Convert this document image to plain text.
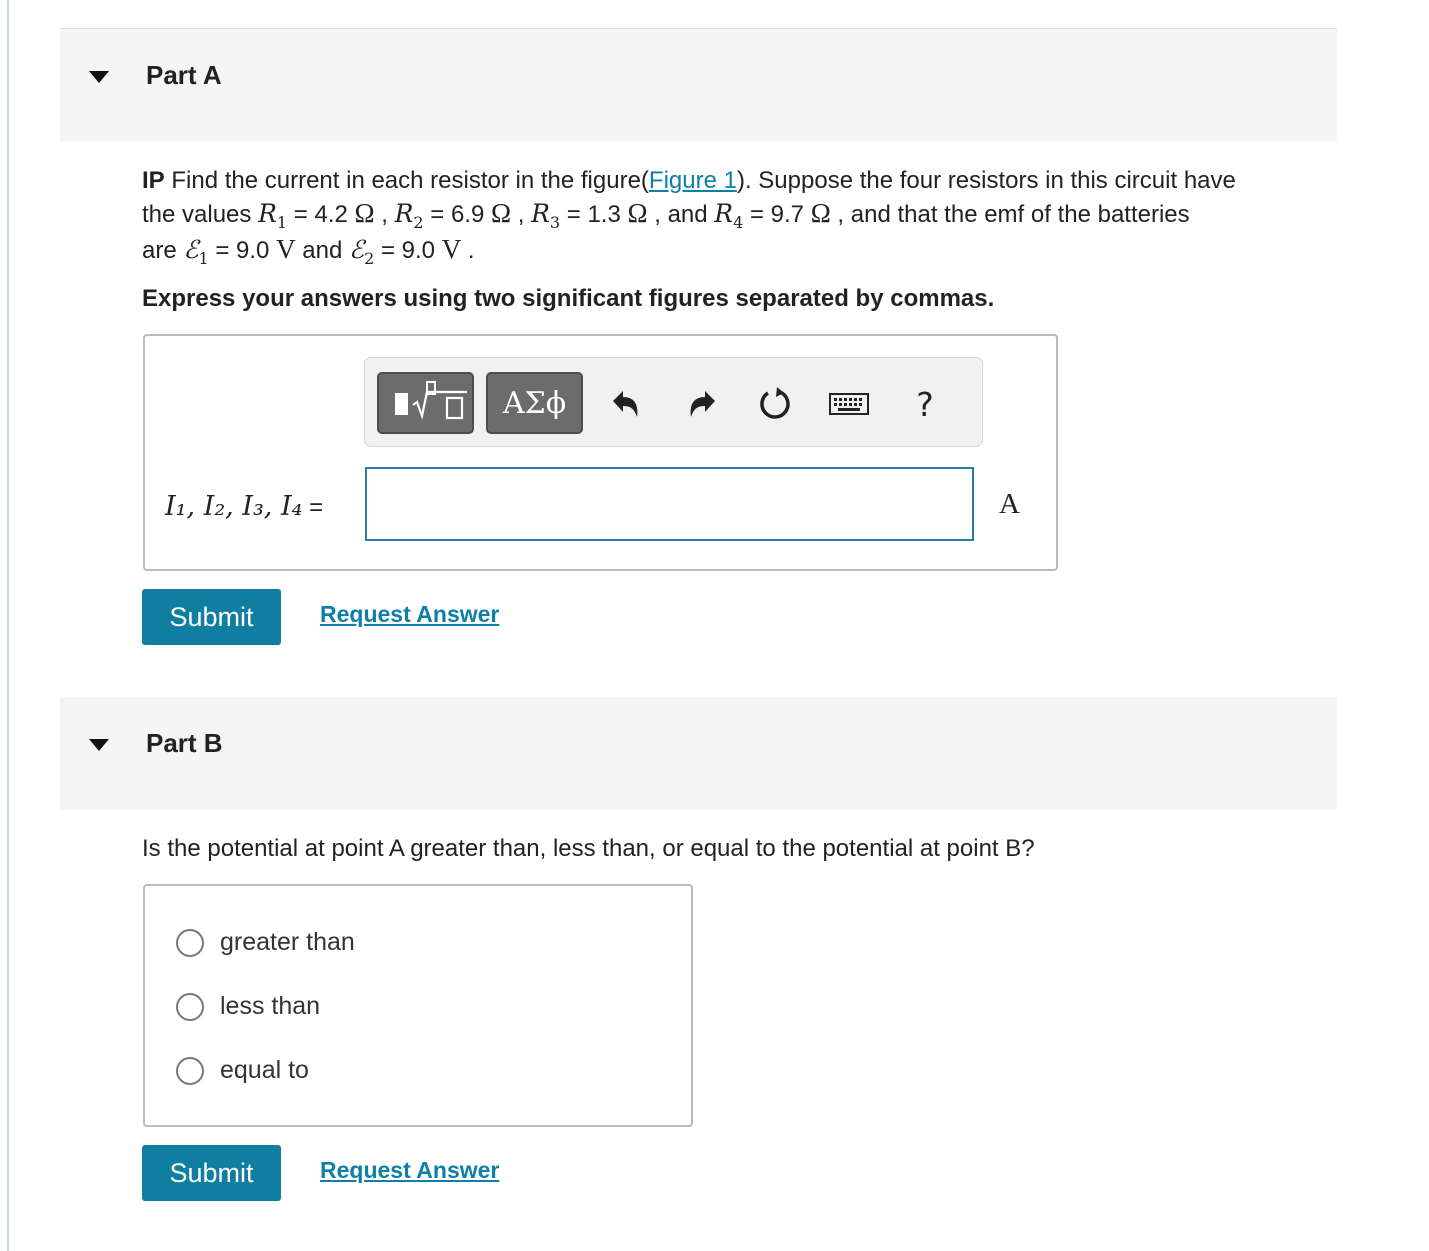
Part A
IP Find the current in each resistor in the figure(Figure 1). Suppose the four resistors in this circuit have
the values $R_1 = 4.2$ Ω , $R_2 = 6.9$ Ω , $R_3 = 1.3$ Ω , and $R_4 = 9.7$ Ω , and that the emf of the batteries
are ℰ$_1$ = 9.0 V and ℰ$_2$ = 9.0 V .
Express your answers using two significant figures separated by commas.
ΑΣϕ	?
I₁, I₂, I₃, I₄ =	A
Submit	Request Answer
Part B
Is the potential at point A greater than, less than, or equal to the potential at point B?
greater than
less than
equal to
Submit	Request Answer
